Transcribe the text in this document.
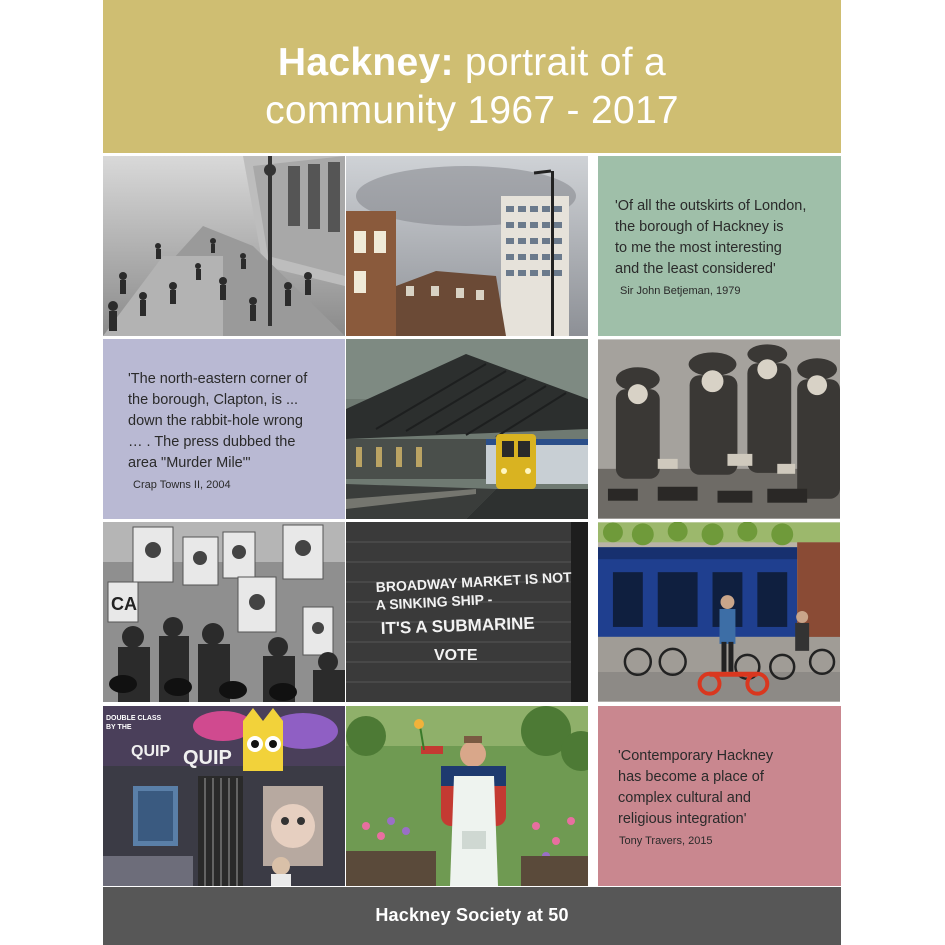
Hackney: portrait of a
community 1967 - 2017
'Of all the outskirts of London,
the borough of Hackney is
to me the most interesting
and the least considered'
Sir John Betjeman, 1979
'The north-eastern corner of
the borough, Clapton, is ...
down the rabbit-hole wrong
… . The press dubbed the
area "Murder Mile"'
Crap Towns II, 2004
CA
BROADWAY MARKET IS NOT
A SINKING SHIP -
IT'S A SUBMARINE
VOTE
QUIP QUIP
DOUBLE CLASS
BY THE
'Contemporary Hackney
has become a place of
complex cultural and
religious integration'
Tony Travers, 2015
Hackney Society at 50
